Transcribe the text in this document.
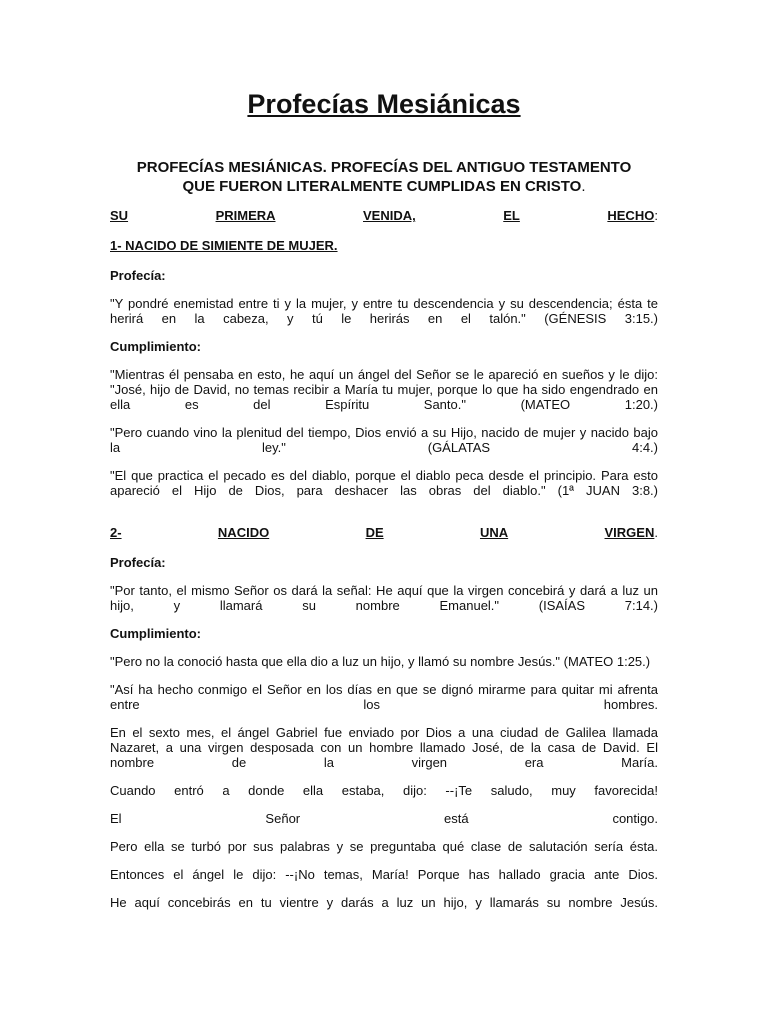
Profecías Mesiánicas
PROFECÍAS MESIÁNICAS. PROFECÍAS DEL ANTIGUO TESTAMENTO
QUE FUERON LITERALMENTE CUMPLIDAS EN CRISTO.
SU	PRIMERA	VENIDA,	EL	HECHO:
1- NACIDO DE SIMIENTE DE MUJER.
Profecía:

"Y pondré enemistad entre ti y la mujer, y entre tu descendencia y su descendencia; ésta te herirá en la cabeza, y tú le herirás en el talón." (GÉNESIS 3:15.)

Cumplimiento:

"Mientras él pensaba en esto, he aquí un ángel del Señor se le apareció en sueños y le dijo: "José, hijo de David, no temas recibir a María tu mujer, porque lo que ha sido engendrado en ella es del Espíritu Santo." (MATEO 1:20.)

"Pero cuando vino la plenitud del tiempo, Dios envió a su Hijo, nacido de mujer y nacido bajo la ley." (GÁLATAS 4:4.)

"El que practica el pecado es del diablo, porque el diablo peca desde el principio. Para esto apareció el Hijo de Dios, para deshacer las obras del diablo." (1ª JUAN 3:8.)

2-	NACIDO	DE	UNA	VIRGEN.
Profecía:

"Por tanto, el mismo Señor os dará la señal: He aquí que la virgen concebirá y dará a luz un hijo, y llamará su nombre Emanuel." (ISAÍAS 7:14.)

Cumplimiento:

"Pero no la conoció hasta que ella dio a luz un hijo, y llamó su nombre Jesús." (MATEO 1:25.)

"Así ha hecho conmigo el Señor en los días en que se dignó mirarme para quitar mi afrenta entre los hombres.

En el sexto mes, el ángel Gabriel fue enviado por Dios a una ciudad de Galilea llamada Nazaret, a una virgen desposada con un hombre llamado José, de la casa de David. El nombre de la virgen era María.

Cuando entró a donde ella estaba, dijo: --¡Te saludo, muy favorecida!

El Señor está contigo.

Pero ella se turbó por sus palabras y se preguntaba qué clase de salutación sería ésta.

Entonces el ángel le dijo: --¡No temas, María! Porque has hallado gracia ante Dios.

He aquí concebirás en tu vientre y darás a luz un hijo, y llamarás su nombre Jesús.
